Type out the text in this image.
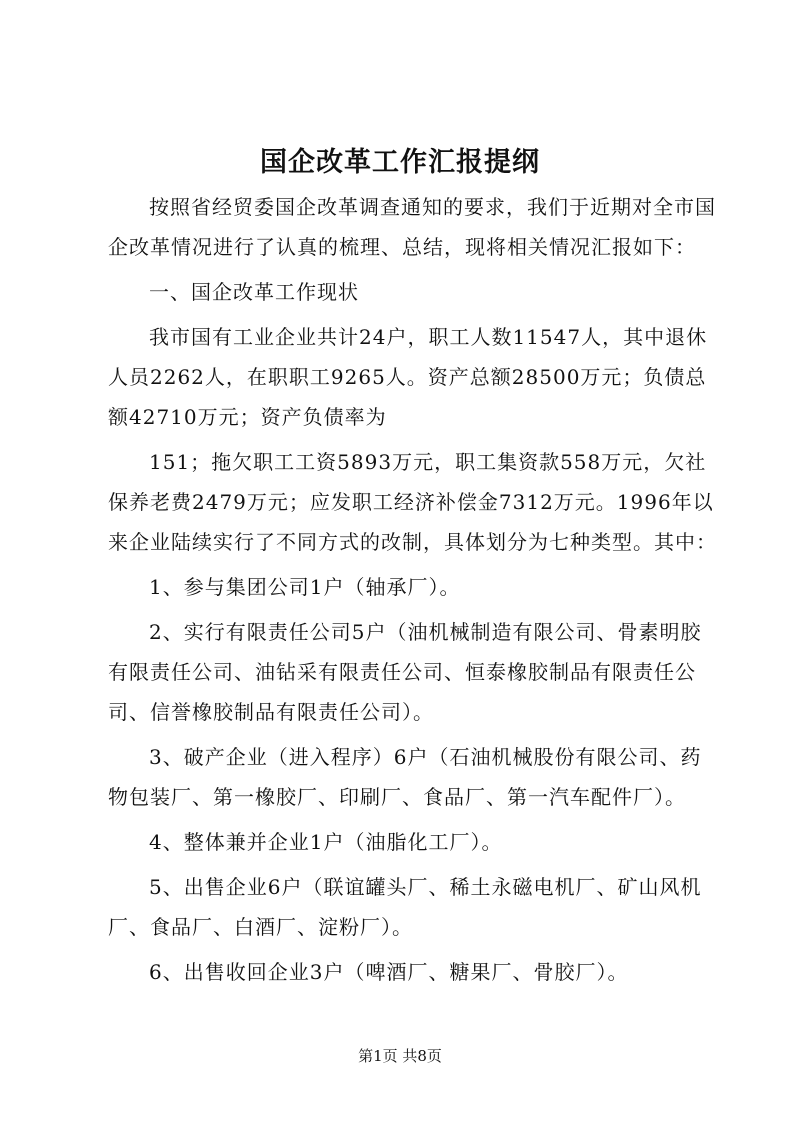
国企改革工作汇报提纲

按照省经贸委国企改革调查通知的要求，我们于近期对全市国企改革情况进行了认真的梳理、总结，现将相关情况汇报如下：

一、国企改革工作现状

我市国有工业企业共计24户，职工人数11547人，其中退休人员2262人，在职职工9265人。资产总额28500万元；负债总额42710万元；资产负债率为

151；拖欠职工工资5893万元，职工集资款558万元，欠社保养老费2479万元；应发职工经济补偿金7312万元。1996年以来企业陆续实行了不同方式的改制，具体划分为七种类型。其中：

1、参与集团公司1户（轴承厂）。

2、实行有限责任公司5户（油机械制造有限公司、骨素明胶有限责任公司、油钻采有限责任公司、恒泰橡胶制品有限责任公司、信誉橡胶制品有限责任公司）。

3、破产企业（进入程序）6户（石油机械股份有限公司、药物包装厂、第一橡胶厂、印刷厂、食品厂、第一汽车配件厂）。

4、整体兼并企业1户（油脂化工厂）。

5、出售企业6户（联谊罐头厂、稀土永磁电机厂、矿山风机厂、食品厂、白酒厂、淀粉厂）。

6、出售收回企业3户（啤酒厂、糖果厂、骨胶厂）。

第1页 共8页
